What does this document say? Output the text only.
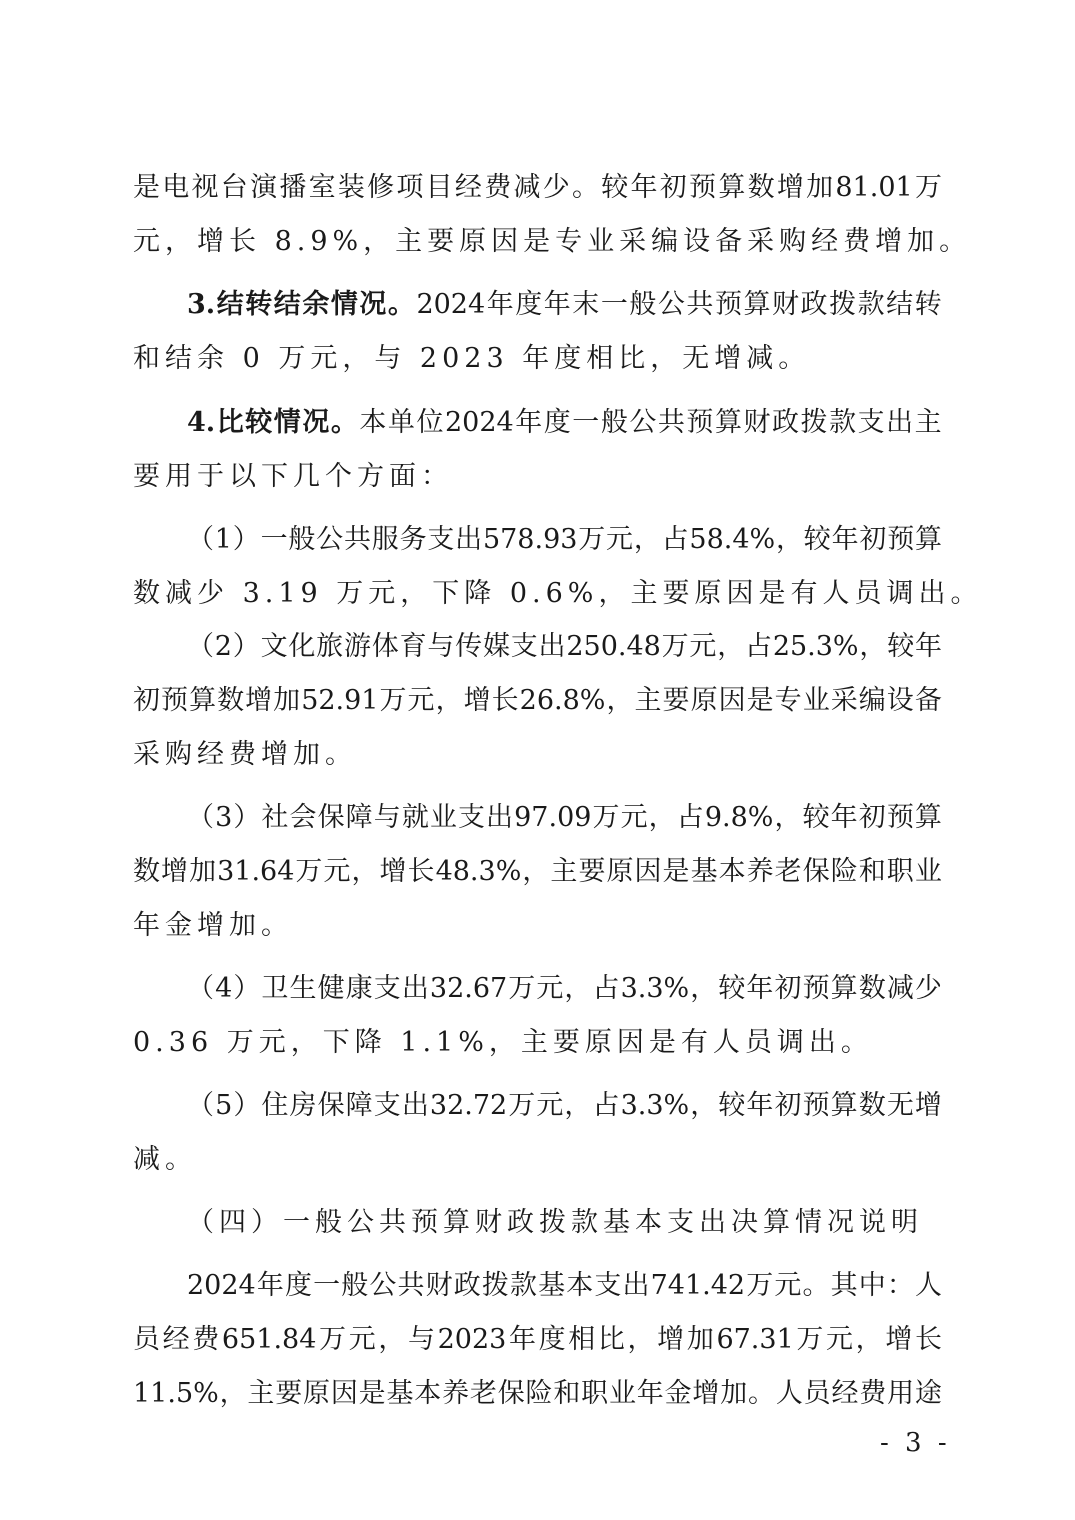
是 电 视 台 演 播 室 装 修 项 目 经 费 减 少 。 较 年 初 预 算 数 增 加 81.01 万
元，增长 8.9%，主要原因是专业采编设备采购经费增加。
3. 结 转 结 余 情 况 。 2024 年 度 年 末 一 般 公 共 预 算 财 政 拨 款 结 转
和结余 0 万元，与 2023 年度相比，无增减。
4. 比 较 情 况 。 本 单 位 2024 年 度 一 般 公 共 预 算 财 政 拨 款 支 出 主
要用于以下几个方面：
（ 1 ） 一 般 公 共 服 务 支 出 578.93 万 元 ， 占 58.4% ， 较 年 初 预 算
数减少 3.19 万元，下降 0.6%，主要原因是有人员调出。
（ 2 ） 文 化 旅 游 体 育 与 传 媒 支 出 250.48 万 元 ， 占 25.3% ， 较 年
初 预 算 数 增 加 52.91 万 元 ， 增 长 26.8% ， 主 要 原 因 是 专 业 采 编 设 备
采购经费增加。
（ 3 ） 社 会 保 障 与 就 业 支 出 97.09 万 元 ， 占 9.8% ， 较 年 初 预 算
数 增 加 31.64 万 元 ， 增 长 48.3% ， 主 要 原 因 是 基 本 养 老 保 险 和 职 业
年金增加。
（ 4 ） 卫 生 健 康 支 出 32.67 万 元 ， 占 3.3% ， 较 年 初 预 算 数 减 少
0.36 万元，下降 1.1%，主要原因是有人员调出。
（ 5 ） 住 房 保 障 支 出 32.72 万 元 ， 占 3.3% ， 较 年 初 预 算 数 无 增
减。
（四）一般公共预算财政拨款基本支出决算情况说明
2024 年 度 一 般 公 共 财 政 拨 款 基 本 支 出 741.42 万 元 。 其 中 ： 人
员 经 费 651.84 万 元 ， 与 2023 年 度 相 比 ， 增 加 67.31 万 元 ， 增 长
11.5% ， 主 要 原 因 是 基 本 养 老 保 险 和 职 业 年 金 增 加 。 人 员 经 费 用 途
- 3 -
